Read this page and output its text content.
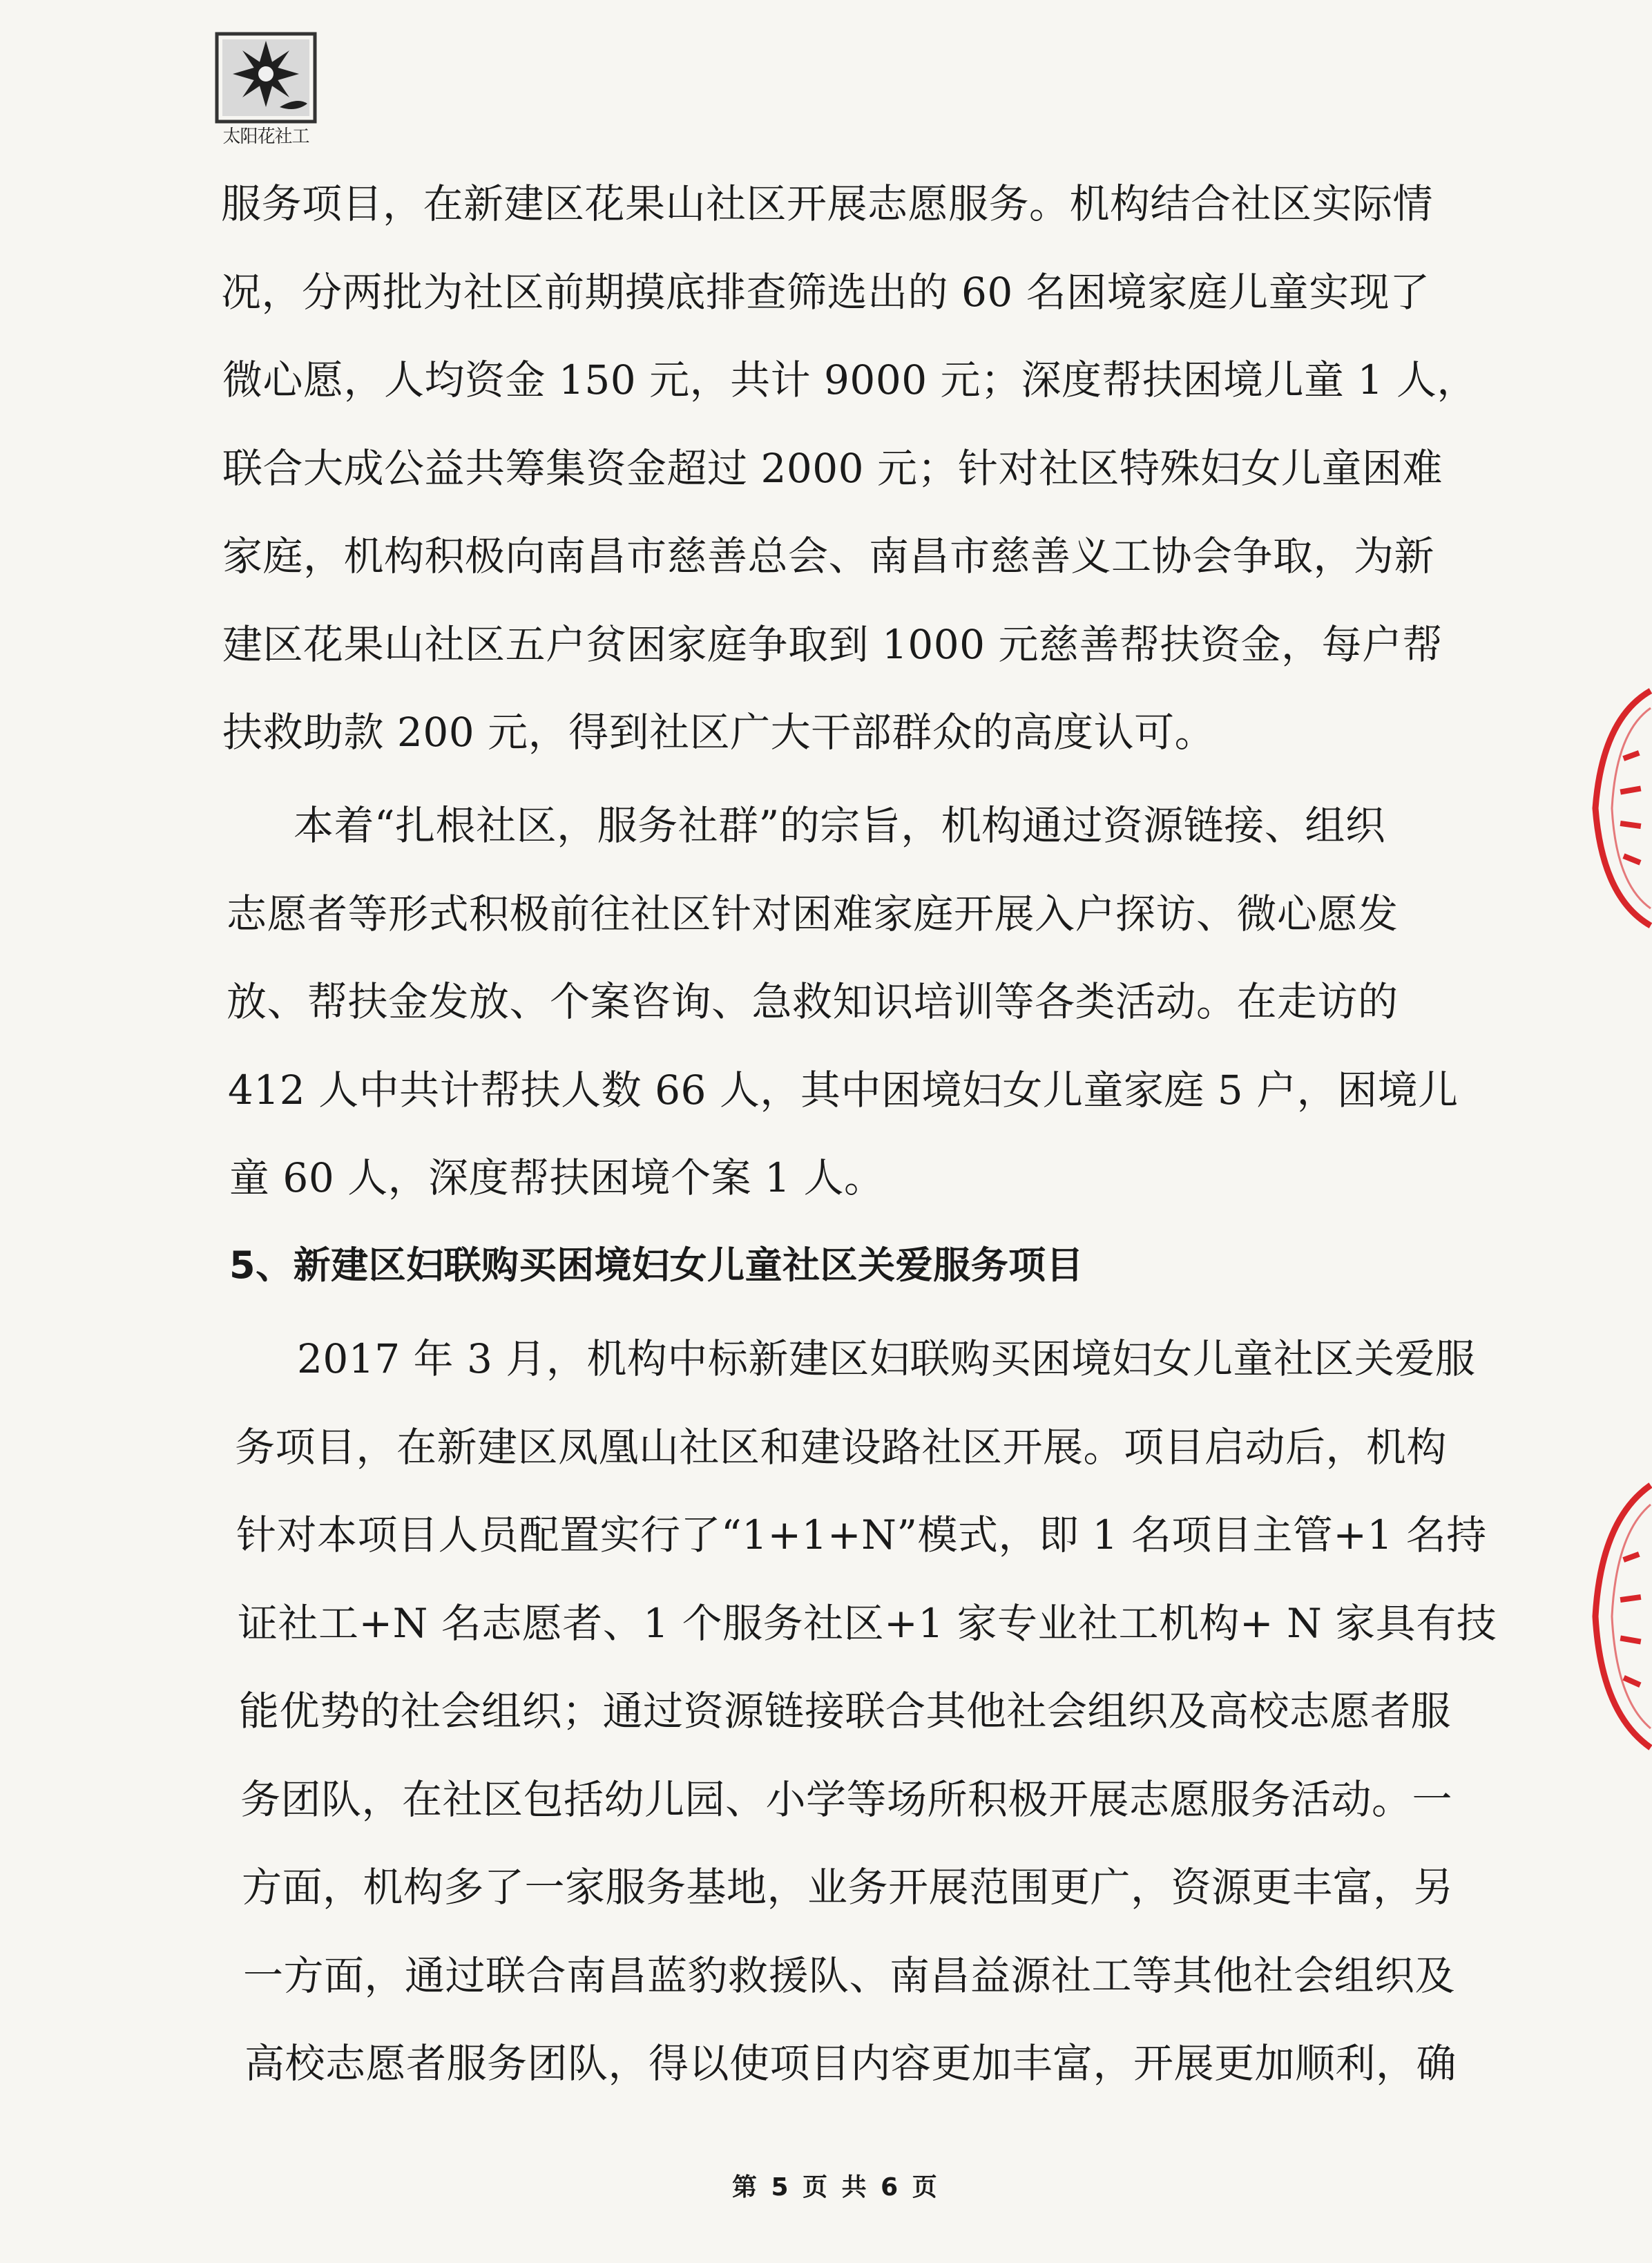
太阳花社工
服务项目，在新建区花果山社区开展志愿服务。机构结合社区实际情
况，分两批为社区前期摸底排查筛选出的 60 名困境家庭儿童实现了
微心愿，人均资金 150 元，共计 9000 元；深度帮扶困境儿童 1 人，
联合大成公益共筹集资金超过 2000 元；针对社区特殊妇女儿童困难
家庭，机构积极向南昌市慈善总会、南昌市慈善义工协会争取，为新
建区花果山社区五户贫困家庭争取到 1000 元慈善帮扶资金，每户帮
扶救助款 200 元，得到社区广大干部群众的高度认可。
本着“扎根社区，服务社群”的宗旨，机构通过资源链接、组织
志愿者等形式积极前往社区针对困难家庭开展入户探访、微心愿发
放、帮扶金发放、个案咨询、急救知识培训等各类活动。在走访的
412 人中共计帮扶人数 66 人，其中困境妇女儿童家庭 5 户，困境儿
童 60 人，深度帮扶困境个案 1 人。
5、新建区妇联购买困境妇女儿童社区关爱服务项目
2017 年 3 月，机构中标新建区妇联购买困境妇女儿童社区关爱服
务项目，在新建区凤凰山社区和建设路社区开展。项目启动后，机构
针对本项目人员配置实行了“1+1+N”模式，即 1 名项目主管+1 名持
证社工+N 名志愿者、1 个服务社区+1 家专业社工机构+ N 家具有技
能优势的社会组织；通过资源链接联合其他社会组织及高校志愿者服
务团队，在社区包括幼儿园、小学等场所积极开展志愿服务活动。一
方面，机构多了一家服务基地，业务开展范围更广，资源更丰富，另
一方面，通过联合南昌蓝豹救援队、南昌益源社工等其他社会组织及
高校志愿者服务团队，得以使项目内容更加丰富，开展更加顺利，确
第 5 页 共 6 页
